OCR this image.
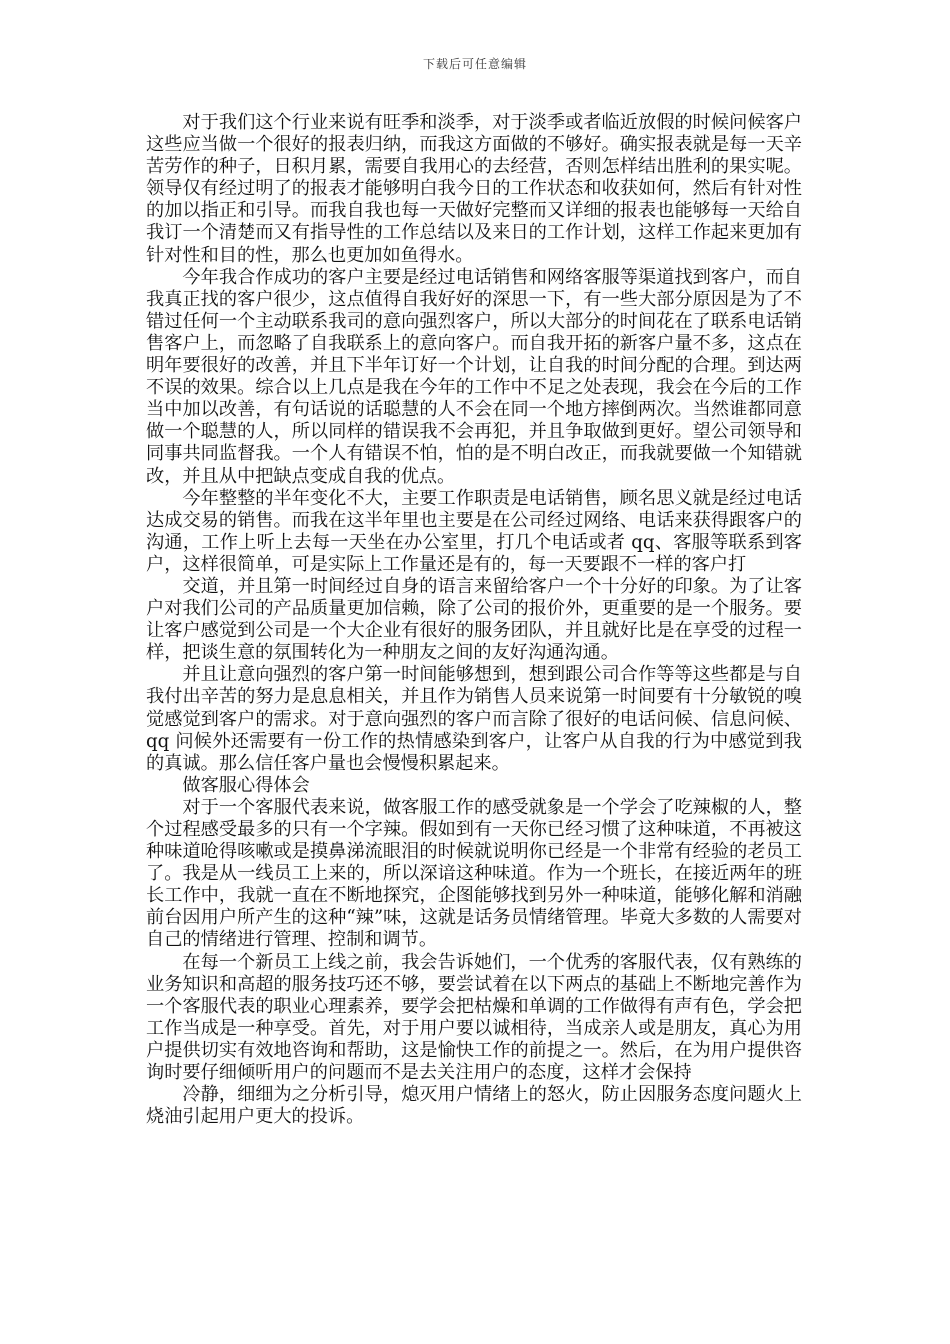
下载后可任意编辑

对于我们这个行业来说有旺季和淡季，对于淡季或者临近放假的时候问候客户这些应当做一个很好的报表归纳，而我这方面做的不够好。确实报表就是每一天辛苦劳作的种子，日积月累，需要自我用心的去经营，否则怎样结出胜利的果实呢。领导仅有经过明了的报表才能够明白我今日的工作状态和收获如何，然后有针对性的加以指正和引导。而我自我也每一天做好完整而又详细的报表也能够每一天给自我订一个清楚而又有指导性的工作总结以及来日的工作计划，这样工作起来更加有针对性和目的性，那么也更加如鱼得水。

今年我合作成功的客户主要是经过电话销售和网络客服等渠道找到客户，而自我真正找的客户很少，这点值得自我好好的深思一下，有一些大部分原因是为了不错过任何一个主动联系我司的意向强烈客户，所以大部分的时间花在了联系电话销售客户上，而忽略了自我联系上的意向客户。而自我开拓的新客户量不多，这点在明年要很好的改善，并且下半年订好一个计划，让自我的时间分配的合理。到达两不误的效果。综合以上几点是我在今年的工作中不足之处表现，我会在今后的工作当中加以改善，有句话说的话聪慧的人不会在同一个地方摔倒两次。当然谁都同意做一个聪慧的人，所以同样的错误我不会再犯，并且争取做到更好。望公司领导和同事共同监督我。一个人有错误不怕，怕的是不明白改正，而我就要做一个知错就改，并且从中把缺点变成自我的优点。

今年整整的半年变化不大，主要工作职责是电话销售，顾名思义就是经过电话达成交易的销售。而我在这半年里也主要是在公司经过网络、电话来获得跟客户的沟通，工作上听上去每一天坐在办公室里，打几个电话或者 qq、客服等联系到客户，这样很简单，可是实际上工作量还是有的，每一天要跟不一样的客户打

交道，并且第一时间经过自身的语言来留给客户一个十分好的印象。为了让客户对我们公司的产品质量更加信赖，除了公司的报价外，更重要的是一个服务。要让客户感觉到公司是一个大企业有很好的服务团队，并且就好比是在享受的过程一样，把谈生意的氛围转化为一种朋友之间的友好沟通沟通。

并且让意向强烈的客户第一时间能够想到，想到跟公司合作等等这些都是与自我付出辛苦的努力是息息相关，并且作为销售人员来说第一时间要有十分敏锐的嗅觉感觉到客户的需求。对于意向强烈的客户而言除了很好的电话问候、信息问候、qq 问候外还需要有一份工作的热情感染到客户，让客户从自我的行为中感觉到我的真诚。那么信任客户量也会慢慢积累起来。

做客服心得体会

对于一个客服代表来说，做客服工作的感受就象是一个学会了吃辣椒的人，整个过程感受最多的只有一个字辣。假如到有一天你已经习惯了这种味道，不再被这种味道呛得咳嗽或是摸鼻涕流眼泪的时候就说明你已经是一个非常有经验的老员工了。我是从一线员工上来的，所以深谙这种味道。作为一个班长，在接近两年的班长工作中，我就一直在不断地探究，企图能够找到另外一种味道，能够化解和消融前台因用户所产生的这种“辣”味，这就是话务员情绪管理。毕竟大多数的人需要对自己的情绪进行管理、控制和调节。

在每一个新员工上线之前，我会告诉她们，一个优秀的客服代表，仅有熟练的业务知识和高超的服务技巧还不够，要尝试着在以下两点的基础上不断地完善作为一个客服代表的职业心理素养，要学会把枯燥和单调的工作做得有声有色，学会把工作当成是一种享受。首先，对于用户要以诚相待，当成亲人或是朋友，真心为用户提供切实有效地咨询和帮助，这是愉快工作的前提之一。然后，在为用户提供咨询时要仔细倾听用户的问题而不是去关注用户的态度，这样才会保持

冷静，细细为之分析引导，熄灭用户情绪上的怒火，防止因服务态度问题火上烧油引起用户更大的投诉。
